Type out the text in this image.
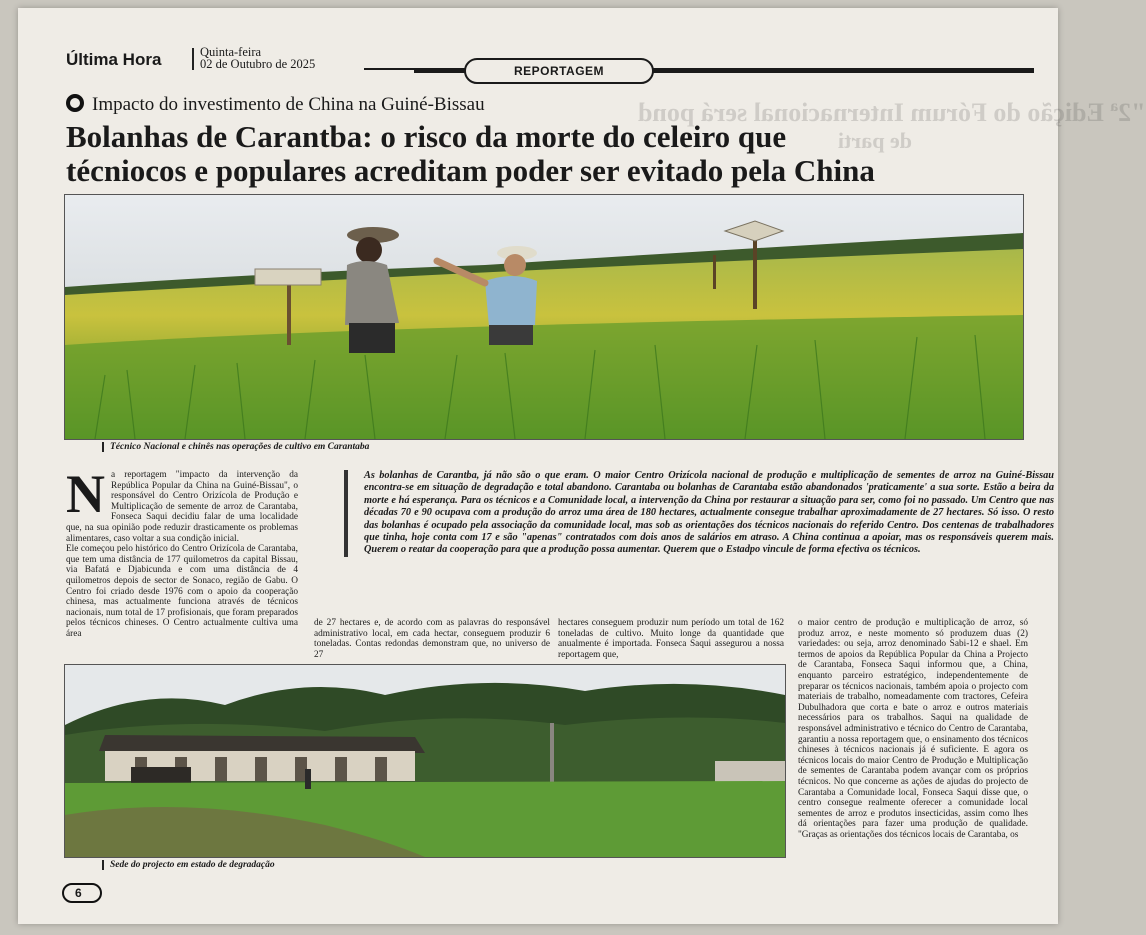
"2ª Edição do Fórum Internacional será pond
de parti
Última Hora	Quinta-feira
02 de Outubro de 2025	REPORTAGEM
Impacto do investimento de China na Guiné-Bissau
Bolanhas de Carantba: o risco da morte do celeiro que
técniocos e populares acreditam poder ser evitado pela China
Técnico Nacional e chinês nas operações de cultivo em Carantaba
Na reportagem "impacto da intervenção da República Popular da China na Guiné-Bissau", o responsável do Centro Orizícola de Produção e Multiplicação de semente de arroz de Carantaba, Fonseca Saqui decidiu falar de uma localidade que, na sua opinião pode reduzir drasticamente os problemas alimentares, caso voltar a sua condição inicial.
Ele começou pelo histórico do Centro Orizícola de Carantaba, que tem uma distância de 177 quilometros da capital Bissau, via Bafatá e Djabicunda e com uma distância de 4 quilometros depois de sector de Sonaco, região de Gabu. O Centro foi criado desde 1976 com o apoio da cooperação chinesa, mas actualmente funciona através de técnicos nacionais, num total de 17 profisionais, que foram preparados pelos técnicos chineses. O Centro actualmente cultiva uma área
As bolanhas de Carantba, já não são o que eram. O maior Centro Orizícola nacional de produção e multiplicação de sementes de arroz na Guiné-Bissau encontra-se em situação de degradação e total abandono. Carantaba ou bolanhas de Carantaba estão abandonados 'praticamente' a sua sorte. Estão a beira da morte e há esperança. Para os técnicos e a Comunidade local, a intervenção da China por restaurar a situação para ser, como foi no passado. Um Centro que nas décadas 70 e 90 ocupava com a produção do arroz uma área de 180 hectares, actualmente consegue trabalhar aproximadamente de 27 hectares. Só isso. O resto das bolanhas é ocupado pela associação da comunidade local, mas sob as orientações dos técnicos nacionais do referido Centro. Dos centenas de trabalhadores que tinha, hoje conta com 17 e são "apenas" contratados com dois anos de salários em atraso. A China continua a apoiar, mas os responsáveis querem mais. Querem o reatar da cooperação para que a produção possa aumentar. Querem que o Estadpo vincule de forma efectiva os técnicos.
de 27 hectares e, de acordo com as palavras do responsável administrativo local, em cada hectar, conseguem produzir 6 toneladas. Contas redondas demonstram que, no universo de 27
hectares conseguem produzir num período um total de 162 toneladas de cultivo. Muito longe da quantidade que anualmente é importada. Fonseca Saqui assegurou a nossa reportagem que,
o maior centro de produção e multiplicação de arroz, só produz arroz, e neste momento só produzem duas (2) variedades: ou seja, arroz denominado Sabi-12 e shael. Em termos de apoios da República Popular da China a Projecto de Carantaba, Fonseca Saqui informou que, a China, enquanto parceiro estratégico, independentemente de preparar os técnicos nacionais, também apoia o projecto com materiais de trabalho, nomeadamente com tractores, Cefeira Dubulhadora que corta e bate o arroz e outros materiais necessários para os trabalhos. Saqui na qualidade de responsável administrativo e técnico do Centro de Carantaba, garantiu a nossa reportagem que, o ensinamento dos técnicos chineses à técnicos nacionais já é suficiente. E agora os técnicos locais do maior Centro de Produção e Multiplicação de sementes de Carantaba podem avançar com os próprios técnicos. No que concerne as ações de ajudas do projecto de Carantaba a Comunidade local, Fonseca Saqui disse que, o centro consegue realmente oferecer a comunidade local sementes de arroz e produtos insecticidas, assim como lhes dá orientações para fazer uma produção de qualidade. "Graças as orientações dos técnicos locais de Carantaba, os
Sede do projecto em estado de degradação
6
